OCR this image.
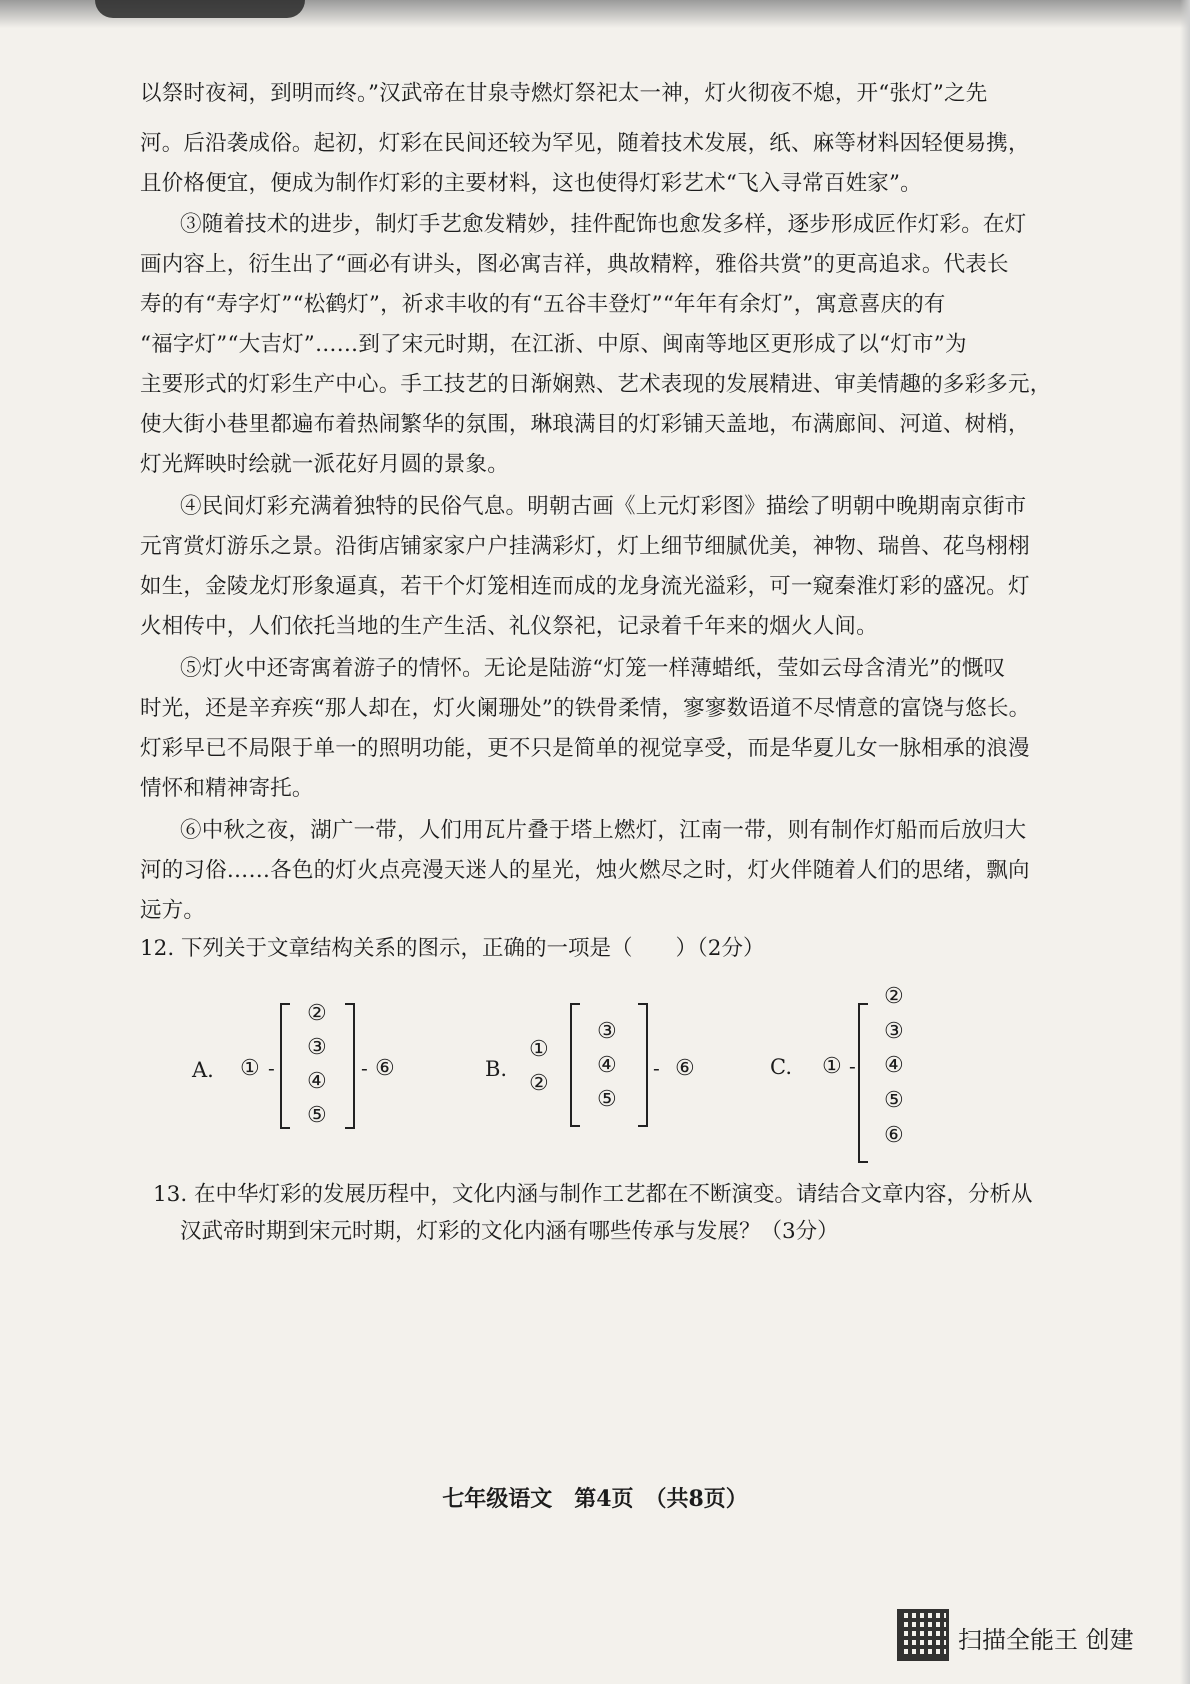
以祭时夜祠，到明而终。”汉武帝在甘泉寺燃灯祭祀太一神，灯火彻夜不熄，开“张灯”之先

河。后沿袭成俗。起初，灯彩在民间还较为罕见，随着技术发展，纸、麻等材料因轻便易携，

且价格便宜，便成为制作灯彩的主要材料，这也使得灯彩艺术“飞入寻常百姓家”。

③随着技术的进步，制灯手艺愈发精妙，挂件配饰也愈发多样，逐步形成匠作灯彩。在灯

画内容上，衍生出了“画必有讲头，图必寓吉祥，典故精粹，雅俗共赏”的更高追求。代表长

寿的有“寿字灯”“松鹤灯”，祈求丰收的有“五谷丰登灯”“年年有余灯”，寓意喜庆的有

“福字灯”“大吉灯”……到了宋元时期，在江浙、中原、闽南等地区更形成了以“灯市”为

主要形式的灯彩生产中心。手工技艺的日渐娴熟、艺术表现的发展精进、审美情趣的多彩多元，

使大街小巷里都遍布着热闹繁华的氛围，琳琅满目的灯彩铺天盖地，布满廊间、河道、树梢，

灯光辉映时绘就一派花好月圆的景象。

④民间灯彩充满着独特的民俗气息。明朝古画《上元灯彩图》描绘了明朝中晚期南京街市

元宵赏灯游乐之景。沿街店铺家家户户挂满彩灯，灯上细节细腻优美，神物、瑞兽、花鸟栩栩

如生，金陵龙灯形象逼真，若干个灯笼相连而成的龙身流光溢彩，可一窥秦淮灯彩的盛况。灯

火相传中，人们依托当地的生产生活、礼仪祭祀，记录着千年来的烟火人间。

⑤灯火中还寄寓着游子的情怀。无论是陆游“灯笼一样薄蜡纸，莹如云母含清光”的慨叹

时光，还是辛弃疾“那人却在，灯火阑珊处”的铁骨柔情，寥寥数语道不尽情意的富饶与悠长。

灯彩早已不局限于单一的照明功能，更不只是简单的视觉享受，而是华夏儿女一脉相承的浪漫

情怀和精神寄托。

⑥中秋之夜，湖广一带，人们用瓦片叠于塔上燃灯，江南一带，则有制作灯船而后放归大

河的习俗……各色的灯火点亮漫天迷人的星光，烛火燃尽之时，灯火伴随着人们的思绪，飘向

远方。

12. 下列关于文章结构关系的图示，正确的一项是（　　）（2分）

A. ① -
②
③
④
⑤
- ⑥	B.
①
②
③
④
⑤
- ⑥	C. ① -
②
③
④
⑤
⑥

13. 在中华灯彩的发展历程中，文化内涵与制作工艺都在不断演变。请结合文章内容，分析从

汉武帝时期到宋元时期，灯彩的文化内涵有哪些传承与发展？（3分）

七年级语文　第4页　（共8页）
扫描全能王 创建
